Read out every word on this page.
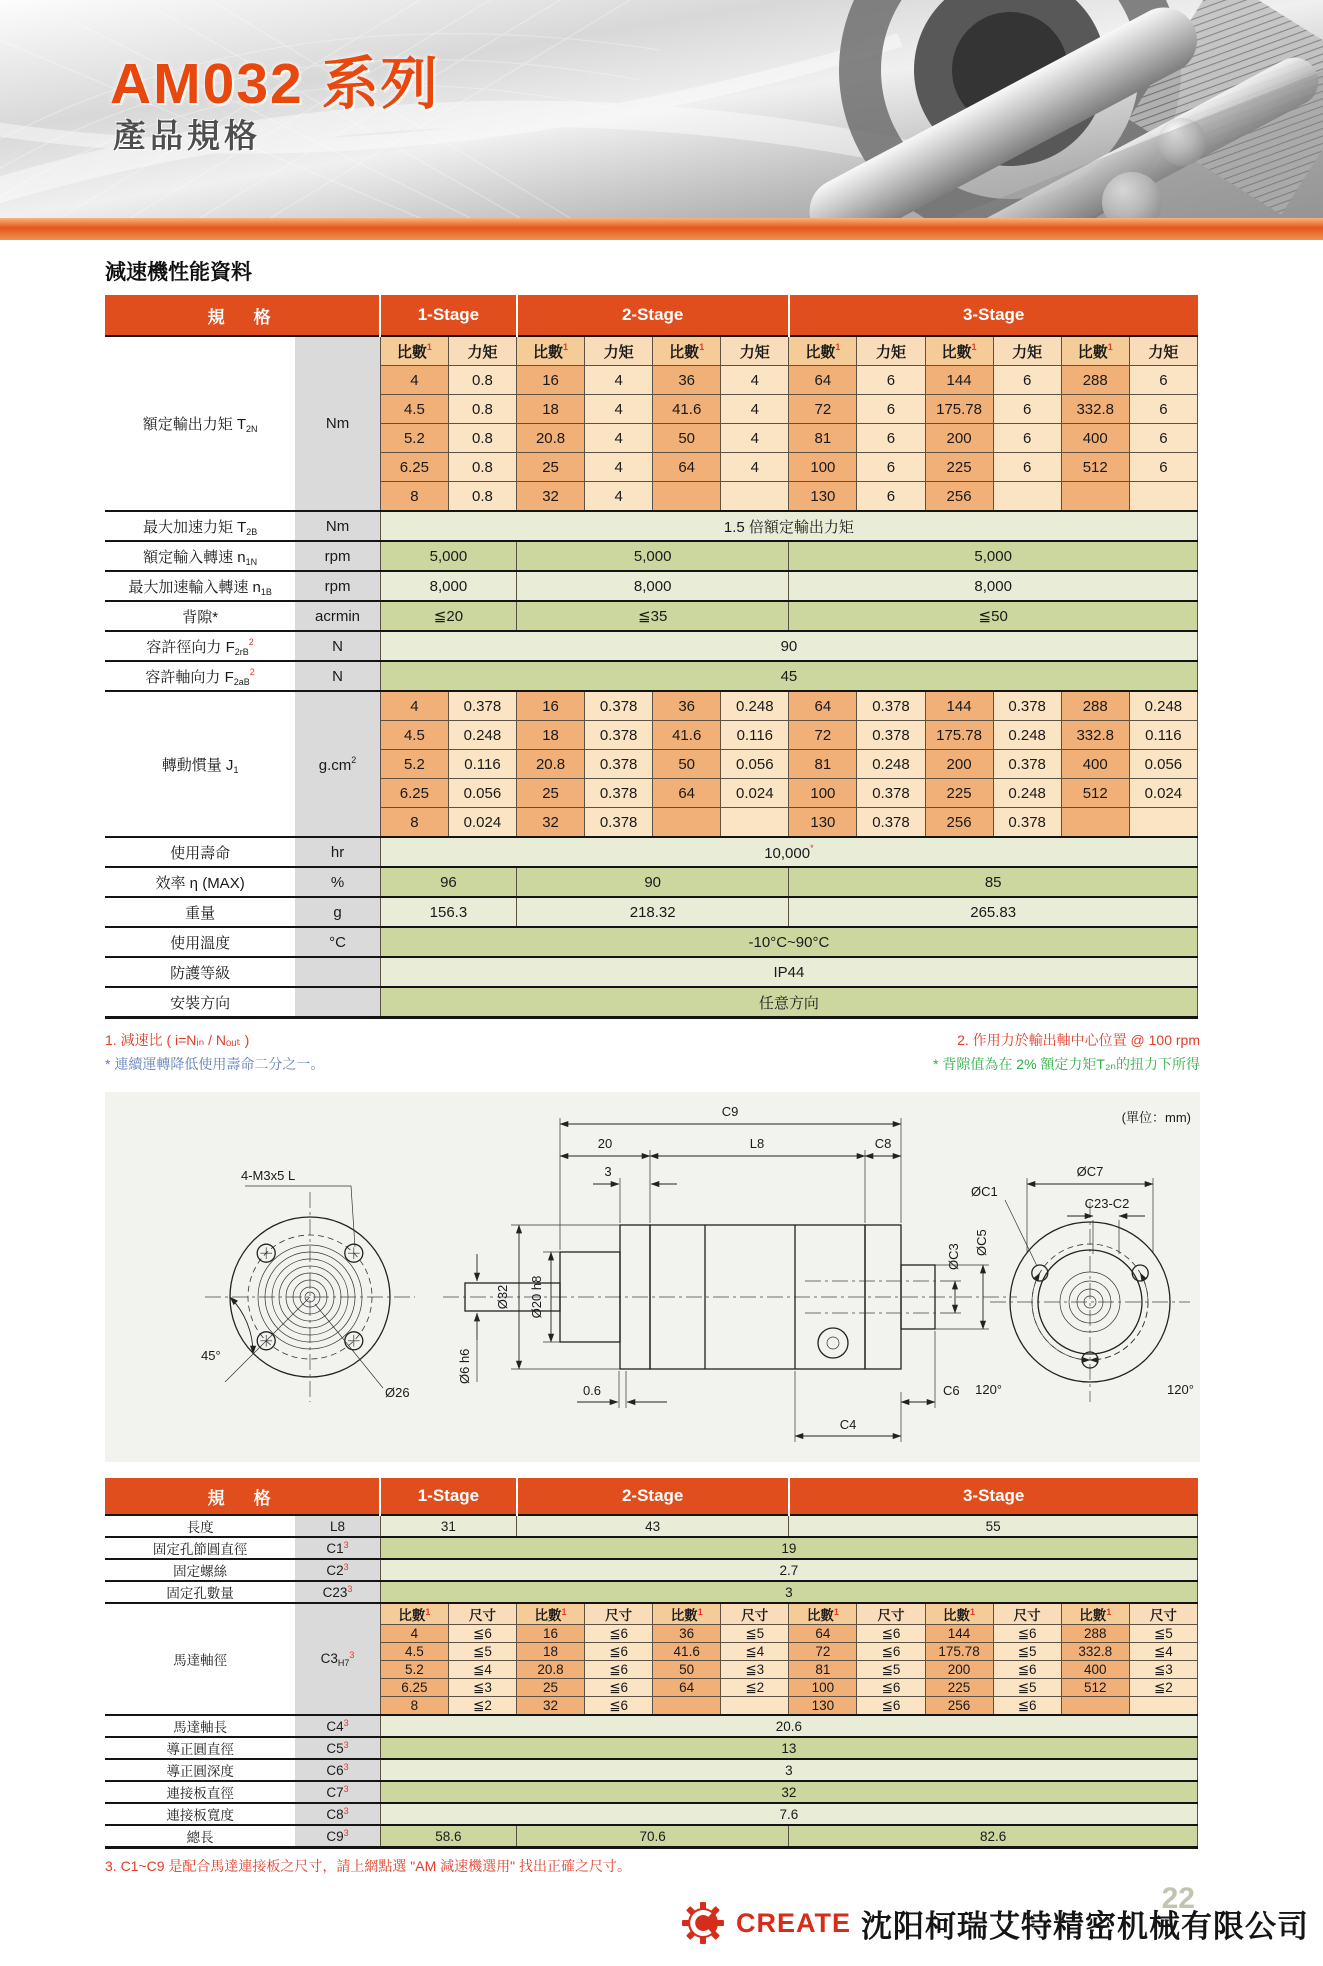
AM032 系列
產品規格
減速機性能資料
規　格		1-Stage		2-Stage				3-Stage					
額定輸出力矩 $T_{2N}$	Nm	比數$^1$	力矩	比數$^1$	力矩	比數$^1$	力矩	比數$^1$	力矩	比數$^1$	力矩	比數$^1$	力矩
		4	0.8	16	4	36	4	64	6	144	6	288	6
		4.5	0.8	18	4	41.6	4	72	6	175.78	6	332.8	6
		5.2	0.8	20.8	4	50	4	81	6	200	6	400	6
		6.25	0.8	25	4	64	4	100	6	225	6	512	6
		8	0.8	32	4			130	6	256			
最大加速力矩 $T_{2B}$	Nm	1.5 倍額定輸出力矩											
額定輸入轉速 $n_{1N}$	rpm	5,000		5,000				5,000					
最大加速輸入轉速 $n_{1B}$	rpm	8,000		8,000				8,000					
背隙*	acrmin	≦20		≦35				≦50					
容許徑向力 $F_{2rB}^2$	N	90											
容許軸向力 $F_{2aB}^2$	N	45											
轉動慣量 $J_1$	$g.cm^2$	4	0.378	16	0.378	36	0.248	64	0.378	144	0.378	288	0.248
		4.5	0.248	18	0.378	41.6	0.116	72	0.378	175.78	0.248	332.8	0.116
		5.2	0.116	20.8	0.378	50	0.056	81	0.248	200	0.378	400	0.056
		6.25	0.056	25	0.378	64	0.024	100	0.378	225	0.248	512	0.024
		8	0.024	32	0.378			130	0.378	256	0.378		
使用壽命	hr	10,000*
效率 η (MAX)	%	96		90				85					
重量	g	156.3		218.32				265.83					
使用溫度	°C	-10°C~90°C											
防護等級		IP44											
安裝方向		任意方向											
1. 減速比 ( i=Nᵢₙ / Nₒᵤₜ )	2. 作用力於輸出軸中心位置 @ 100 rpm
* 連續運轉降低使用壽命二分之一。	* 背隙值為在 2% 額定力矩T₂ₙ的扭力下所得
(單位：mm)
45°
4-M3x5 L
Ø26
C9
20	L8	C8
3
Ø32 Ø20 h8
Ø6 h6
0.6
C4
C6
ØC3
ØC5
120°	120°
ØC7
C23-C2
ØC1
規　格		1-Stage		2-Stage				3-Stage					
長度	L8	31		43				55					
固定孔節圓直徑	$C1^3$	19											
固定螺絲	$C2^3$	2.7											
固定孔數量	$C23^3$	3											
馬達軸徑	$C3_{H7}^3$	比數$^1$	尺寸	比數$^1$	尺寸	比數$^1$	尺寸	比數$^1$	尺寸	比數$^1$	尺寸	比數$^1$	尺寸
		4	≦6	16	≦6	36	≦5	64	≦6	144	≦6	288	≦5
		4.5	≦5	18	≦6	41.6	≦4	72	≦6	175.78	≦5	332.8	≦4
		5.2	≦4	20.8	≦6	50	≦3	81	≦5	200	≦6	400	≦3
		6.25	≦3	25	≦6	64	≦2	100	≦6	225	≦5	512	≦2
		8	≦2	32	≦6			130	≦6	256	≦6		
馬達軸長	$C4^3$	20.6											
導正圓直徑	$C5^3$	13											
導正圓深度	$C6^3$	3											
連接板直徑	$C7^3$	32											
連接板寬度	$C8^3$	7.6											
總長	$C9^3$	58.6		70.6				82.6					
3. C1~C9 是配合馬達連接板之尺寸，請上網點選 "AM 減速機選用" 找出正確之尺寸。
22
CREATE 沈阳柯瑞艾特精密机械有限公司
